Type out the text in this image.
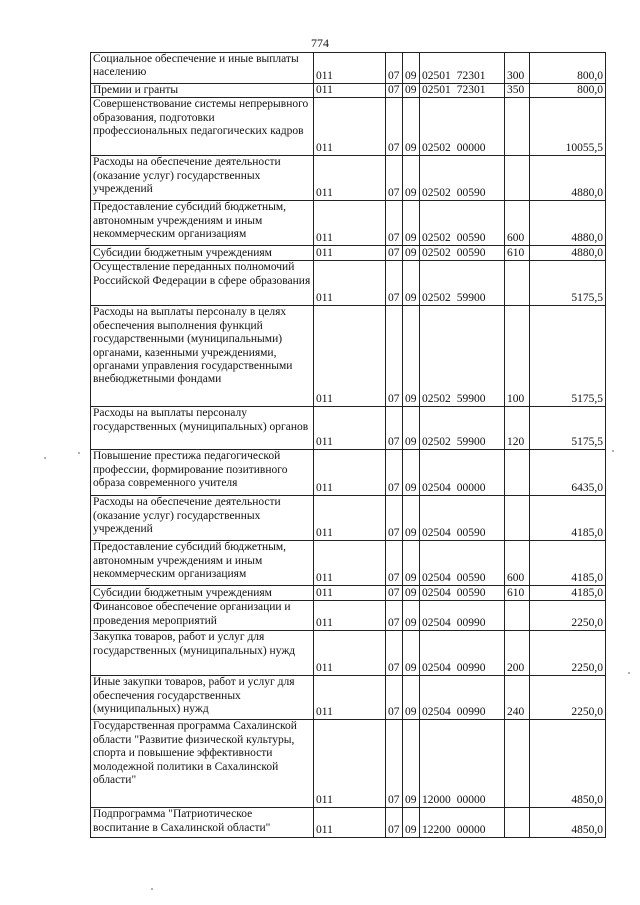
774
Социальное обеспечение и иные выплаты населению	011	07	09	02501 72301	300	800,0
Премии и гранты	011	07	09	02501 72301	350	800,0
Совершенствование системы непрерывного образования, подготовки профессиональных педагогических кадров	011	07	09	02502 00000		10055,5
Расходы на обеспечение деятельности (оказание услуг) государственных учреждений	011	07	09	02502 00590		4880,0
Предоставление субсидий бюджетным, автономным учреждениям и иным некоммерческим организациям	011	07	09	02502 00590	600	4880,0
Субсидии бюджетным учреждениям	011	07	09	02502 00590	610	4880,0
Осуществление переданных полномочий Российской Федерации в сфере образования	011	07	09	02502 59900		5175,5
Расходы на выплаты персоналу в целях обеспечения выполнения функций государственными (муниципальными) органами, казенными учреждениями, органами управления государственными внебюджетными фондами	011	07	09	02502 59900	100	5175,5
Расходы на выплаты персоналу государственных (муниципальных) органов	011	07	09	02502 59900	120	5175,5
Повышение престижа педагогической профессии, формирование позитивного образа современного учителя	011	07	09	02504 00000		6435,0
Расходы на обеспечение деятельности (оказание услуг) государственных учреждений	011	07	09	02504 00590		4185,0
Предоставление субсидий бюджетным, автономным учреждениям и иным некоммерческим организациям	011	07	09	02504 00590	600	4185,0
Субсидии бюджетным учреждениям	011	07	09	02504 00590	610	4185,0
Финансовое обеспечение организации и проведения мероприятий	011	07	09	02504 00990		2250,0
Закупка товаров, работ и услуг для государственных (муниципальных) нужд	011	07	09	02504 00990	200	2250,0
Иные закупки товаров, работ и услуг для обеспечения государственных (муниципальных) нужд	011	07	09	02504 00990	240	2250,0
Государственная программа Сахалинской области "Развитие физической культуры, спорта и повышение эффективности молодежной политики в Сахалинской области"	011	07	09	12000 00000		4850,0
Подпрограмма "Патриотическое воспитание в Сахалинской области"	011	07	09	12200 00000		4850,0
